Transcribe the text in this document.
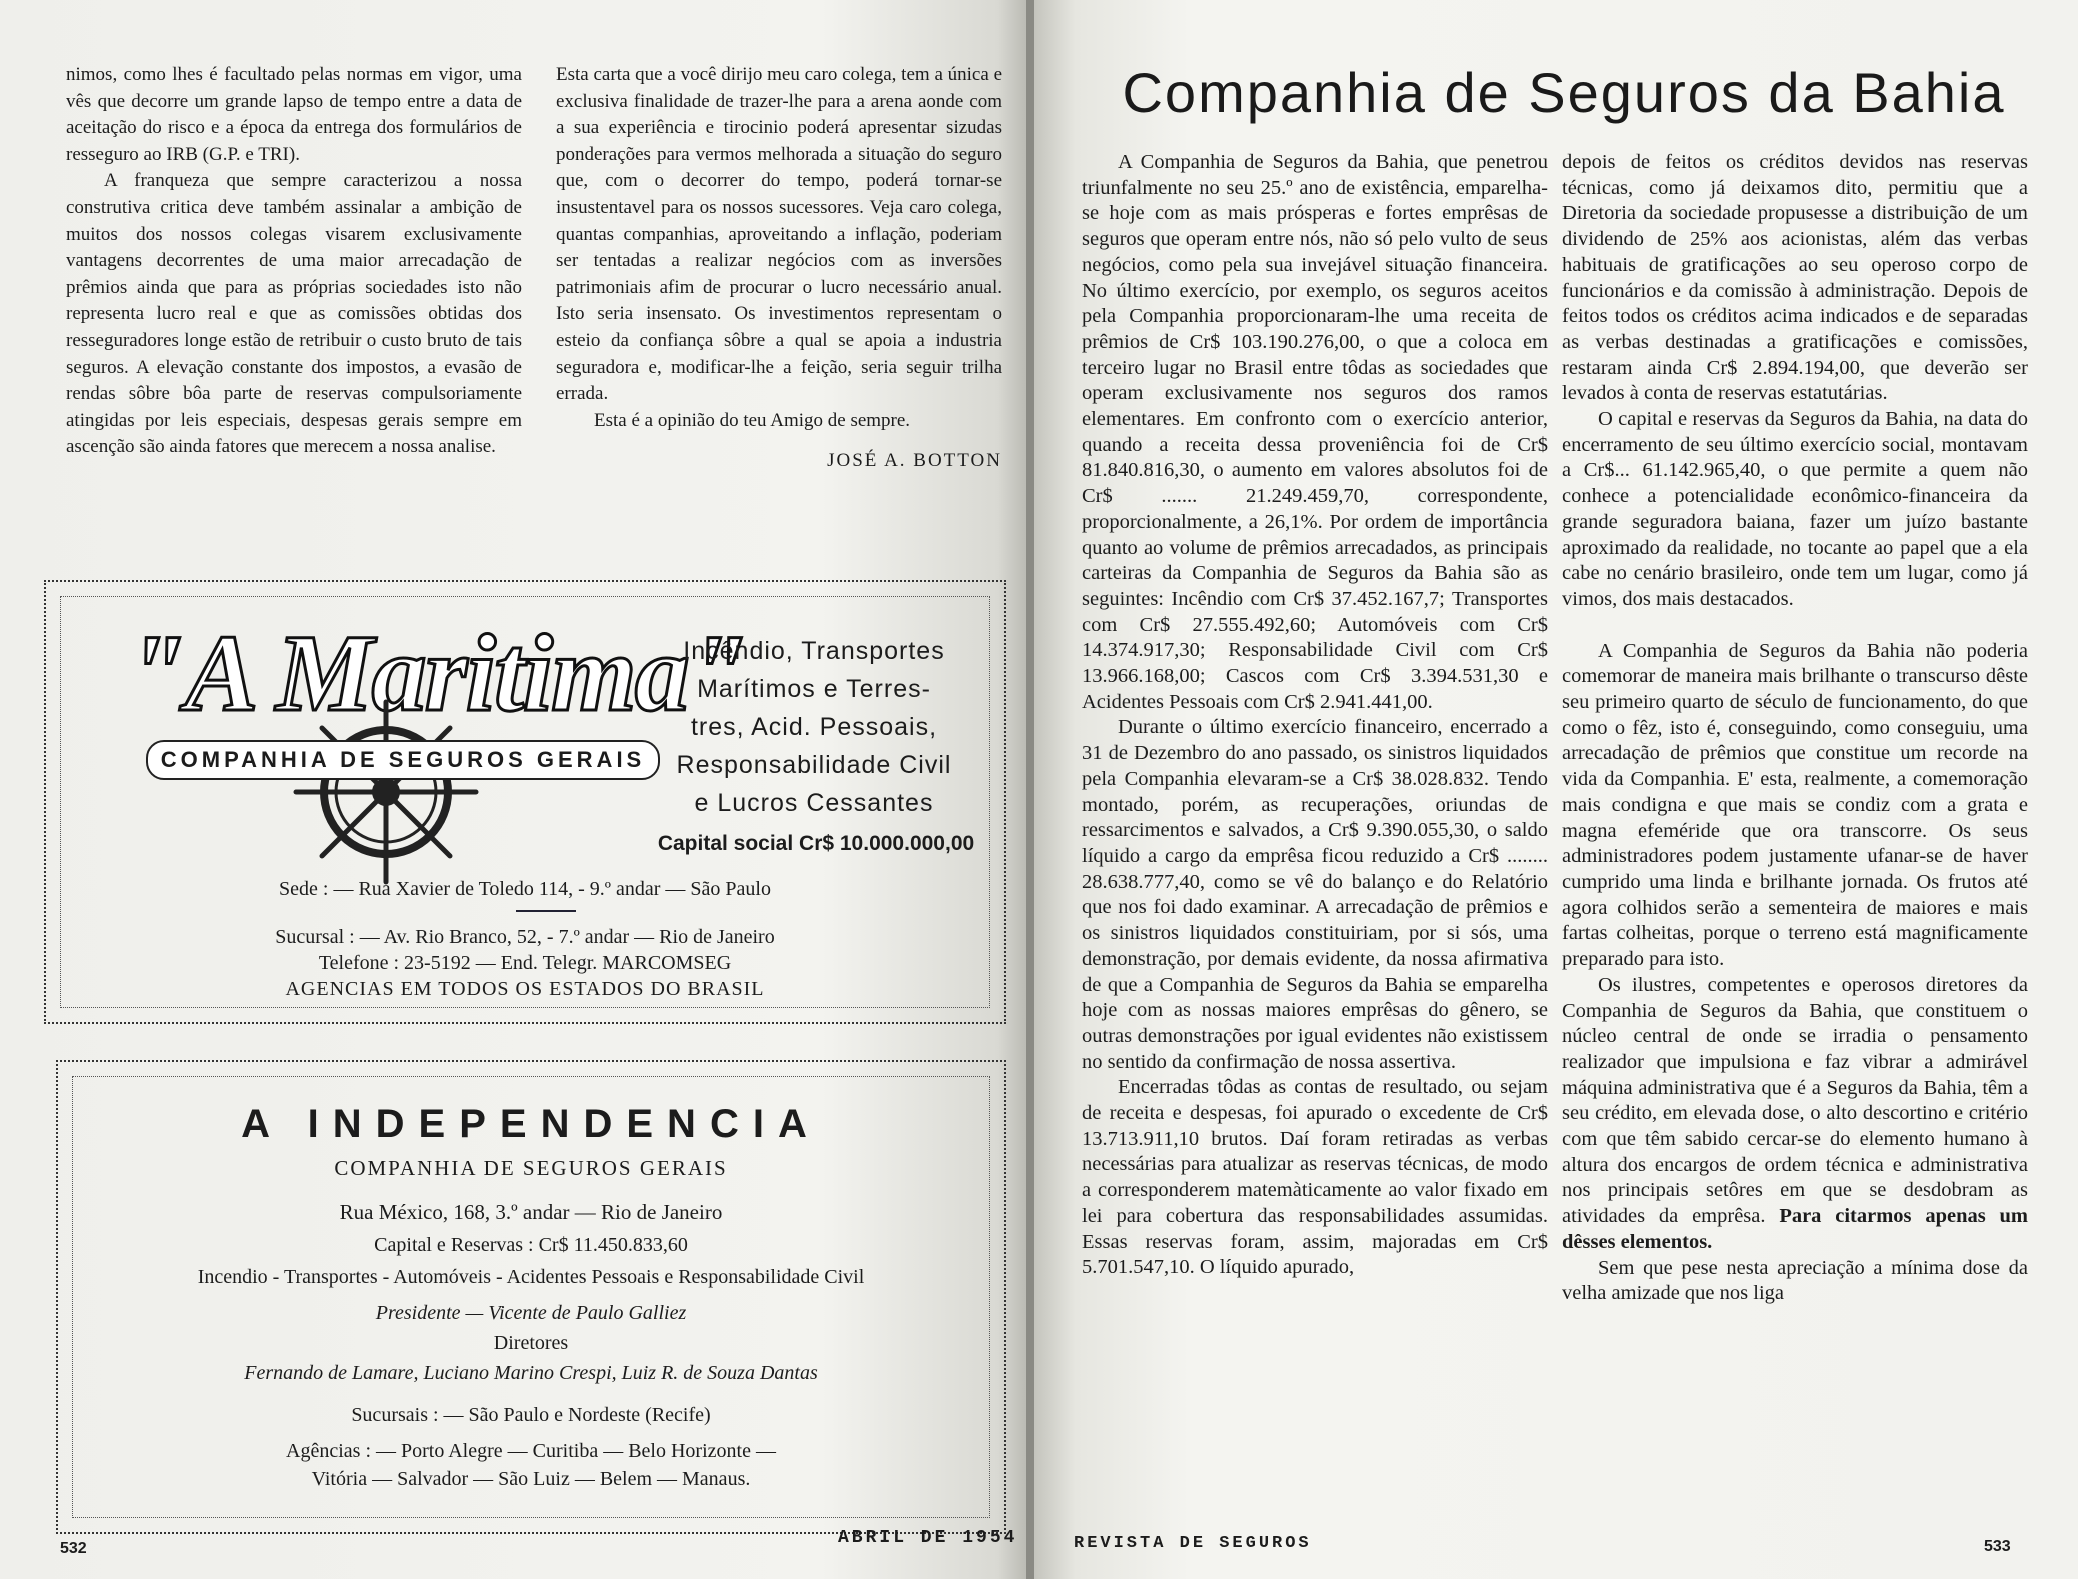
nimos, como lhes é facultado pelas normas em vigor, uma vês que decorre um grande lapso de tempo entre a data de aceitação do risco e a época da entrega dos formulários de resseguro ao IRB (G.P. e TRI).

A franqueza que sempre caracterizou a nossa construtiva critica deve também assinalar a ambição de muitos dos nossos colegas visarem exclusivamente vantagens decorrentes de uma maior arrecadação de prêmios ainda que para as próprias sociedades isto não representa lucro real e que as comissões obtidas dos resseguradores longe estão de retribuir o custo bruto de tais seguros. A elevação constante dos impostos, a evasão de rendas sôbre bôa parte de reservas compulsoriamente atingidas por leis especiais, despesas gerais sempre em ascenção são ainda fatores que merecem a nossa analise.

Esta carta que a você dirijo meu caro colega, tem a única e exclusiva finalidade de trazer-lhe para a arena aonde com a sua experiência e tirocinio poderá apresentar sizudas ponderações para vermos melhorada a situação do seguro que, com o decorrer do tempo, poderá tornar-se insustentavel para os nossos sucessores. Veja caro colega, quantas companhias, aproveitando a inflação, poderiam ser tentadas a realizar negócios com as inversões patrimoniais afim de procurar o lucro necessário anual. Isto seria insensato. Os investimentos representam o esteio da confiança sôbre a qual se apoia a industria seguradora e, modificar-lhe a feição, seria seguir trilha errada.

Esta é a opinião do teu Amigo de sempre.

JOSÉ A. BOTTON
"A Maritima"
COMPANHIA DE SEGUROS GERAIS
Incêndio, Transportes
Marítimos e Terres-
tres, Acid. Pessoais,
Responsabilidade Civil
e Lucros Cessantes
Capital social Cr$ 10.000.000,00
Sede : — Rua Xavier de Toledo 114, - 9.º andar — São Paulo
Sucursal : — Av. Rio Branco, 52, - 7.º andar — Rio de Janeiro
Telefone : 23-5192 — End. Telegr. MARCOMSEG
AGENCIAS EM TODOS OS ESTADOS DO BRASIL
A INDEPENDENCIA
COMPANHIA DE SEGUROS GERAIS
Rua México, 168, 3.º andar — Rio de Janeiro
Capital e Reservas : Cr$ 11.450.833,60
Incendio - Transportes - Automóveis - Acidentes Pessoais e Responsabilidade Civil
Presidente — Vicente de Paulo Galliez
Diretores
Fernando de Lamare, Luciano Marino Crespi, Luiz R. de Souza Dantas
Sucursais : — São Paulo e Nordeste (Recife)
Agências : — Porto Alegre — Curitiba — Belo Horizonte —
Vitória — Salvador — São Luiz — Belem — Manaus.
532
ABRIL DE 1954
Companhia de Seguros da Bahia

A Companhia de Seguros da Bahia, que penetrou triunfalmente no seu 25.º ano de existência, emparelha-se hoje com as mais prósperas e fortes emprêsas de seguros que operam entre nós, não só pelo vulto de seus negócios, como pela sua invejável situação financeira. No último exercício, por exemplo, os seguros aceitos pela Companhia proporcionaram-lhe uma receita de prêmios de Cr$ 103.190.276,00, o que a coloca em terceiro lugar no Brasil entre tôdas as sociedades que operam exclusivamente nos seguros dos ramos elementares. Em confronto com o exercício anterior, quando a receita dessa proveniência foi de Cr$ 81.840.816,30, o aumento em valores absolutos foi de Cr$ ....... 21.249.459,70, correspondente, proporcionalmente, a 26,1%. Por ordem de importância quanto ao volume de prêmios arrecadados, as principais carteiras da Companhia de Seguros da Bahia são as seguintes: Incêndio com Cr$ 37.452.167,7; Transportes com Cr$ 27.555.492,60; Automóveis com Cr$ 14.374.917,30; Responsabilidade Civil com Cr$ 13.966.168,00; Cascos com Cr$ 3.394.531,30 e Acidentes Pessoais com Cr$ 2.941.441,00.

Durante o último exercício financeiro, encerrado a 31 de Dezembro do ano passado, os sinistros liquidados pela Companhia elevaram-se a Cr$ 38.028.832. Tendo montado, porém, as recuperações, oriundas de ressarcimentos e salvados, a Cr$ 9.390.055,30, o saldo líquido a cargo da emprêsa ficou reduzido a Cr$ ........ 28.638.777,40, como se vê do balanço e do Relatório que nos foi dado examinar. A arrecadação de prêmios e os sinistros liquidados constituiriam, por si sós, uma demonstração, por demais evidente, da nossa afirmativa de que a Companhia de Seguros da Bahia se emparelha hoje com as nossas maiores emprêsas do gênero, se outras demonstrações por igual evidentes não existissem no sentido da confirmação de nossa assertiva.

Encerradas tôdas as contas de resultado, ou sejam de receita e despesas, foi apurado o excedente de Cr$ 13.713.911,10 brutos. Daí foram retiradas as verbas necessárias para atualizar as reservas técnicas, de modo a corresponderem matemàticamente ao valor fixado em lei para cobertura das responsabilidades assumidas. Essas reservas foram, assim, majoradas em Cr$ 5.701.547,10. O líquido apurado,

depois de feitos os créditos devidos nas reservas técnicas, como já deixamos dito, permitiu que a Diretoria da sociedade propusesse a distribuição de um dividendo de 25% aos acionistas, além das verbas habituais de gratificações ao seu operoso corpo de funcionários e da comissão à administração. Depois de feitos todos os créditos acima indicados e de separadas as verbas destinadas a gratificações e comissões, restaram ainda Cr$ 2.894.194,00, que deverão ser levados à conta de reservas estatutárias.

O capital e reservas da Seguros da Bahia, na data do encerramento de seu último exercício social, montavam a Cr$... 61.142.965,40, o que permite a quem não conhece a potencialidade econômico-financeira da grande seguradora baiana, fazer um juízo bastante aproximado da realidade, no tocante ao papel que a ela cabe no cenário brasileiro, onde tem um lugar, como já vimos, dos mais destacados.

A Companhia de Seguros da Bahia não poderia comemorar de maneira mais brilhante o transcurso dêste seu primeiro quarto de século de funcionamento, do que como o fêz, isto é, conseguindo, como conseguiu, uma arrecadação de prêmios que constitue um recorde na vida da Companhia. E' esta, realmente, a comemoração mais condigna e que mais se condiz com a grata e magna efeméride que ora transcorre. Os seus administradores podem justamente ufanar-se de haver cumprido uma linda e brilhante jornada. Os frutos até agora colhidos serão a sementeira de maiores e mais fartas colheitas, porque o terreno está magnificamente preparado para isto.

Os ilustres, competentes e operosos diretores da Companhia de Seguros da Bahia, que constituem o núcleo central de onde se irradia o pensamento realizador que impulsiona e faz vibrar a admirável máquina administrativa que é a Seguros da Bahia, têm a seu crédito, em elevada dose, o alto descortino e critério com que têm sabido cercar-se do elemento humano à altura dos encargos de ordem técnica e administrativa nos principais setôres em que se desdobram as atividades da emprêsa. Para citarmos apenas um dêsses elementos.

Sem que pese nesta apreciação a mínima dose da velha amizade que nos liga

REVISTA DE SEGUROS	533
